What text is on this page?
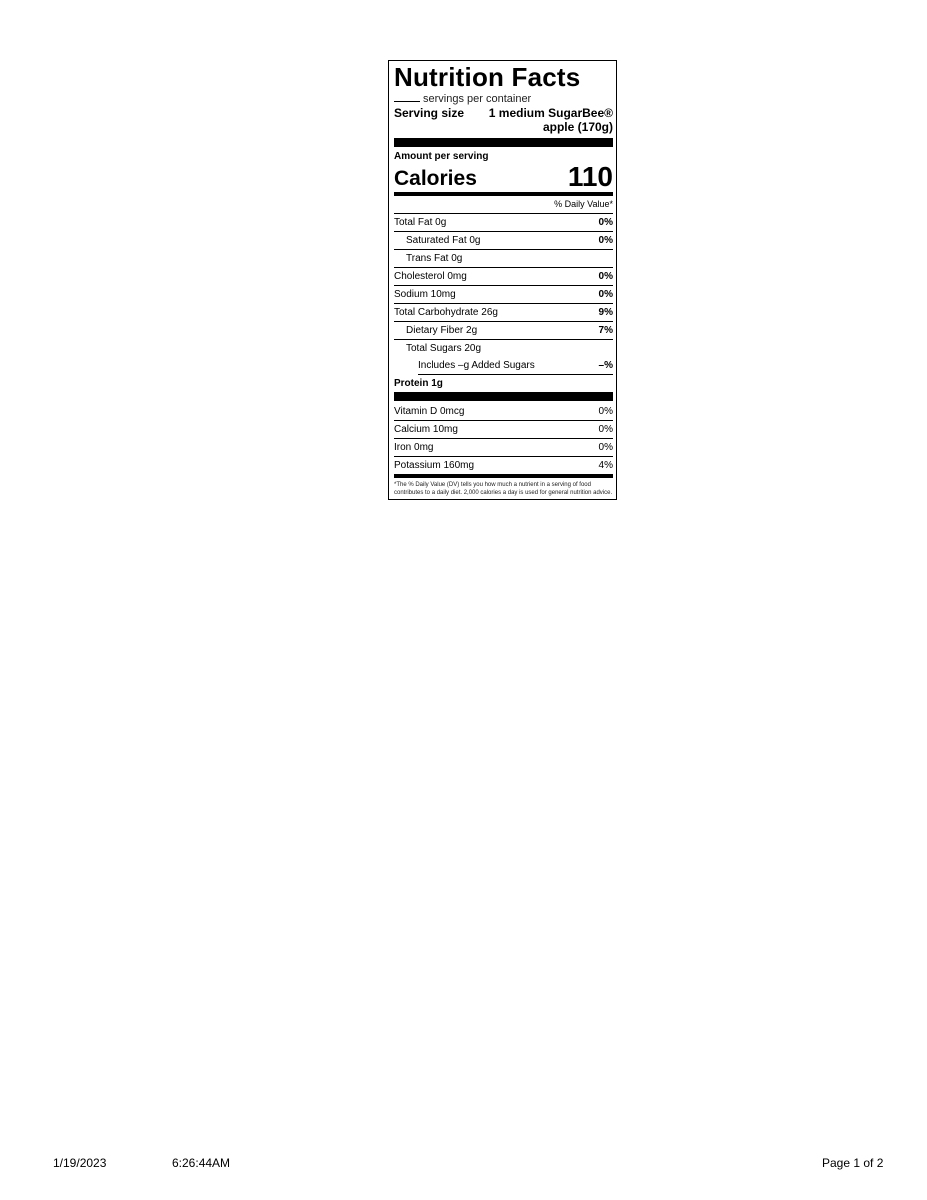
Nutrition Facts
servings per container
Serving size 1 medium SugarBee® apple (170g)
Amount per serving
Calories	110
% Daily Value*
Total Fat 0g	0%
Saturated Fat 0g	0%
Trans Fat 0g
Cholesterol 0mg	0%
Sodium 10mg	0%
Total Carbohydrate 26g	9%
Dietary Fiber 2g	7%
Total Sugars 20g
Includes –g Added Sugars	–%
Protein 1g
Vitamin D 0mcg	0%
Calcium 10mg	0%
Iron 0mg	0%
Potassium 160mg	4%
*The % Daily Value (DV) tells you how much a nutrient in a serving of food contributes to a daily diet. 2,000 calories a day is used for general nutrition advice.
1/19/2023	6:26:44AM	Page 1 of 2
